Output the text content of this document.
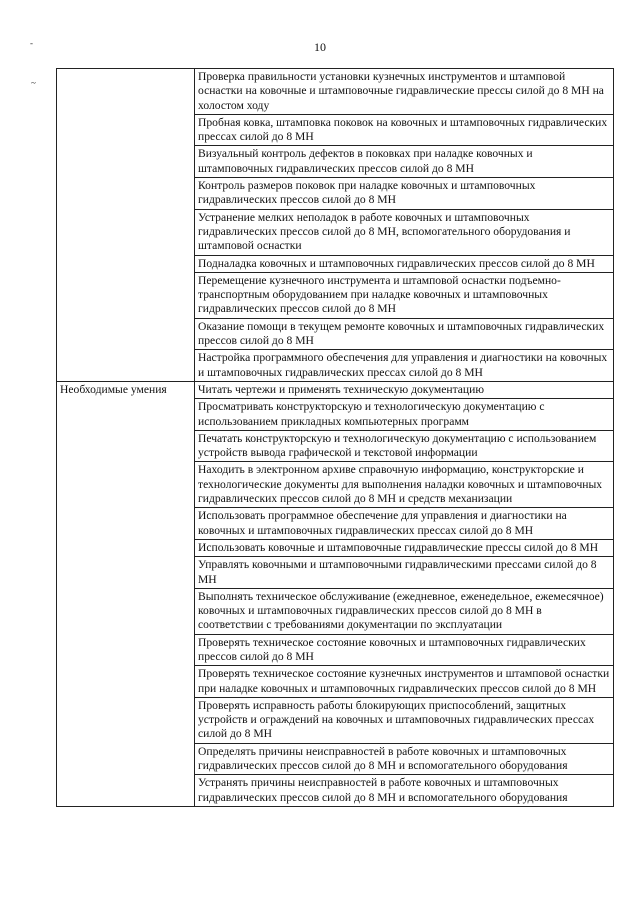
10
-
~
		Проверка правильности установки кузнечных инструментов и штамповой оснастки на ковочные и штамповочные гидравлические прессы силой до 8 МН на холостом ходу
	Пробная ковка, штамповка поковок на ковочных и штамповочных гидравлических прессах силой до 8 МН
	Визуальный контроль дефектов в поковках при наладке ковочных и штамповочных гидравлических прессов силой до 8 МН
	Контроль размеров поковок при наладке ковочных и штамповочных гидравлических прессов силой до 8 МН
	Устранение мелких неполадок в работе ковочных и штамповочных гидравлических прессов силой до 8 МН, вспомогательного оборудования и штамповой оснастки
	Подналадка ковочных и штамповочных гидравлических прессов силой до 8 МН
	Перемещение кузнечного инструмента и штамповой оснастки подъемно-транспортным оборудованием при наладке ковочных и штамповочных гидравлических прессов силой до 8 МН
	Оказание помощи в текущем ремонте ковочных и штамповочных гидравлических прессов силой до 8 МН
	Настройка программного обеспечения для управления и диагностики на ковочных и штамповочных гидравлических прессах силой до 8 МН
Необходимые умения	Читать чертежи и применять техническую документацию
	Просматривать конструкторскую и технологическую документацию с использованием прикладных компьютерных программ
	Печатать конструкторскую и технологическую документацию с использованием устройств вывода графической и текстовой информации
	Находить в электронном архиве справочную информацию, конструкторские и технологические документы для выполнения наладки ковочных и штамповочных гидравлических прессов силой до 8 МН и средств механизации
	Использовать программное обеспечение для управления и диагностики на ковочных и штамповочных гидравлических прессах силой до 8 МН
	Использовать ковочные и штамповочные гидравлические прессы силой до 8 МН
	Управлять ковочными и штамповочными гидравлическими прессами силой до 8 МН
	Выполнять техническое обслуживание (ежедневное, еженедельное, ежемесячное) ковочных и штамповочных гидравлических прессов силой до 8 МН в соответствии с требованиями документации по эксплуатации
	Проверять техническое состояние ковочных и штамповочных гидравлических прессов силой до 8 МН
	Проверять техническое состояние кузнечных инструментов и штамповой оснастки при наладке ковочных и штамповочных гидравлических прессов силой до 8 МН
	Проверять исправность работы блокирующих приспособлений, защитных устройств и ограждений на ковочных и штамповочных гидравлических прессах силой до 8 МН
	Определять причины неисправностей в работе ковочных и штамповочных гидравлических прессов силой до 8 МН и вспомогательного оборудования
	Устранять причины неисправностей в работе ковочных и штамповочных гидравлических прессов силой до 8 МН и вспомогательного оборудования
